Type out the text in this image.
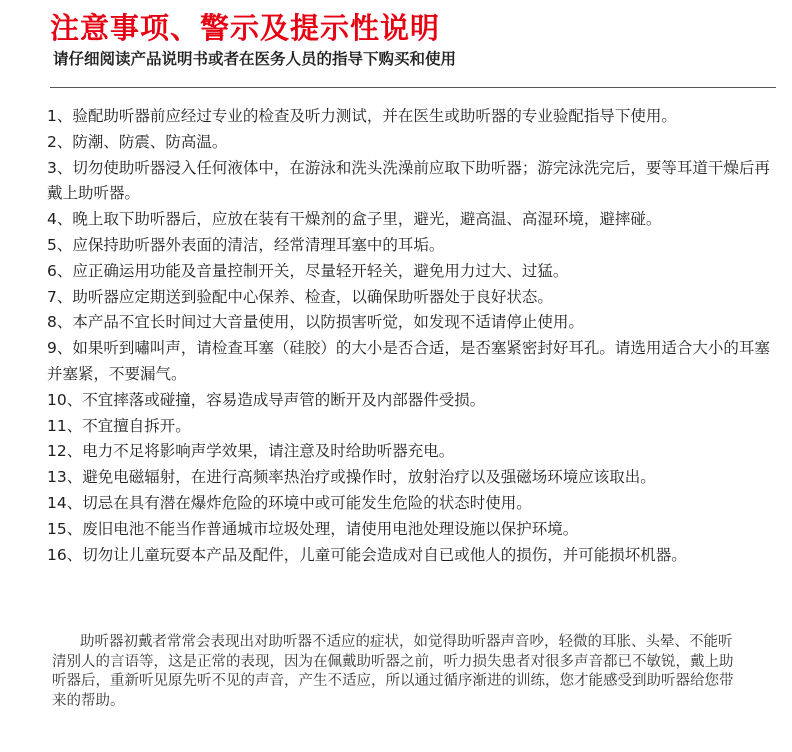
注意事项、警示及提示性说明
请仔细阅读产品说明书或者在医务人员的指导下购买和使用
1、验配助听器前应经过专业的检查及听力测试，并在医生或助听器的专业验配指导下使用。
2、防潮、防震、防高温。
3、切勿使助听器浸入任何液体中，在游泳和洗头洗澡前应取下助听器；游完泳洗完后，要等耳道干燥后再戴上助听器。
4、晚上取下助听器后，应放在装有干燥剂的盒子里，避光，避高温、高湿环境，避摔碰。
5、应保持助听器外表面的清洁，经常清理耳塞中的耳垢。
6、应正确运用功能及音量控制开关，尽量轻开轻关，避免用力过大、过猛。
7、助听器应定期送到验配中心保养、检查，以确保助听器处于良好状态。
8、本产品不宜长时间过大音量使用，以防损害听觉，如发现不适请停止使用。
9、如果听到嘯叫声，请检查耳塞（硅胶）的大小是否合适，是否塞紧密封好耳孔。请选用适合大小的耳塞并塞紧，不要漏气。
10、不宜摔落或碰撞，容易造成导声管的断开及内部器件受损。
11、不宜擅自拆开。
12、电力不足将影响声学效果，请注意及时给助听器充电。
13、避免电磁辐射，在进行高频率热治疗或操作时，放射治疗以及强磁场环境应该取出。
14、切忌在具有潜在爆炸危险的环境中或可能发生危险的状态时使用。
15、废旧电池不能当作普通城市垃圾处理，请使用电池处理设施以保护环境。
16、切勿让儿童玩耍本产品及配件，儿童可能会造成对自已或他人的损伤，并可能损坏机器。
助听器初戴者常常会表现出对助听器不适应的症状，如觉得助听器声音吵，轻微的耳胀、头晕、不能听清别人的言语等，这是正常的表现，因为在佩戴助听器之前，听力损失患者对很多声音都已不敏锐，戴上助听器后，重新听见原先听不见的声音，产生不适应，所以通过循序渐进的训练，您才能感受到助听器给您带来的帮助。
